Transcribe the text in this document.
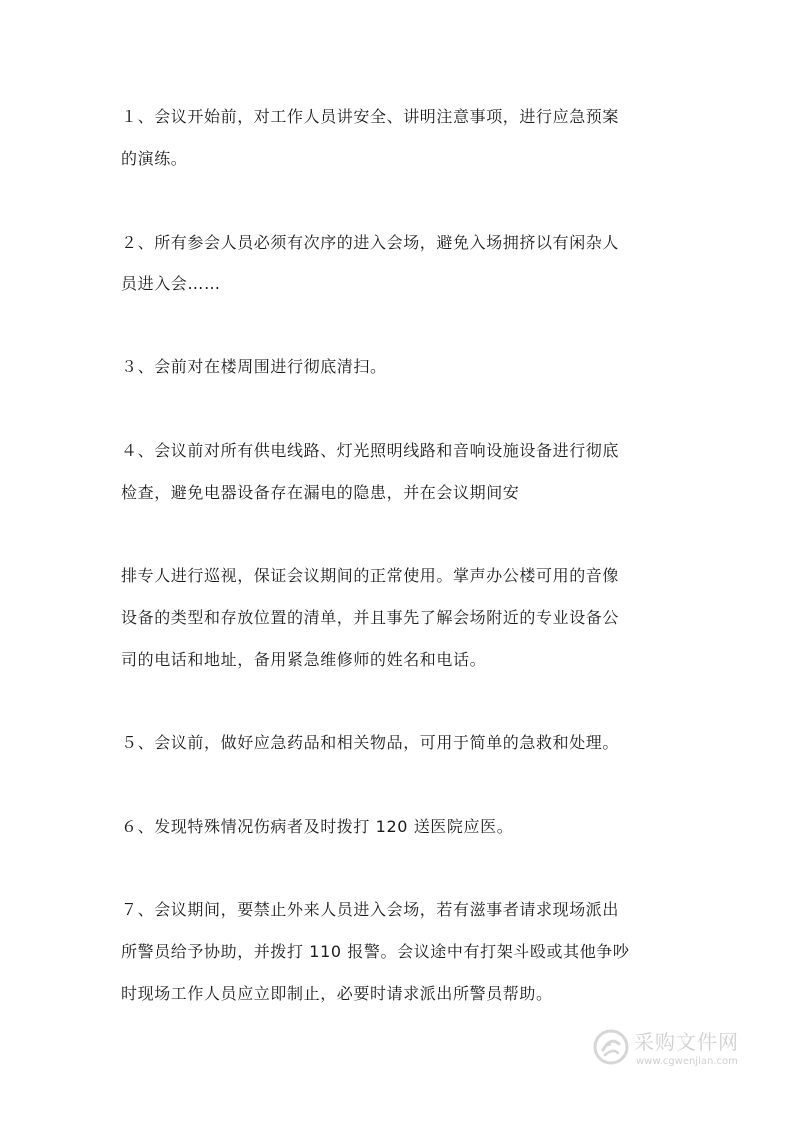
１、会议开始前，对工作人员讲安全、讲明注意事项，进行应急预案
的演练。
２、所有参会人员必须有次序的进入会场，避免入场拥挤以有闲杂人
员进入会……
３、会前对在楼周围进行彻底清扫。
４、会议前对所有供电线路、灯光照明线路和音响设施设备进行彻底
检查，避免电器设备存在漏电的隐患，并在会议期间安
排专人进行巡视，保证会议期间的正常使用。掌声办公楼可用的音像
设备的类型和存放位置的清单，并且事先了解会场附近的专业设备公
司的电话和地址，备用紧急维修师的姓名和电话。
５、会议前，做好应急药品和相关物品，可用于简单的急救和处理。
６、发现特殊情况伤病者及时拨打 120 送医院应医。
７、会议期间，要禁止外来人员进入会场，若有滋事者请求现场派出
所警员给予协助，并拨打 110 报警。会议途中有打架斗殴或其他争吵
时现场工作人员应立即制止，必要时请求派出所警员帮助。
采购文件网
www.cgwenjian.com
